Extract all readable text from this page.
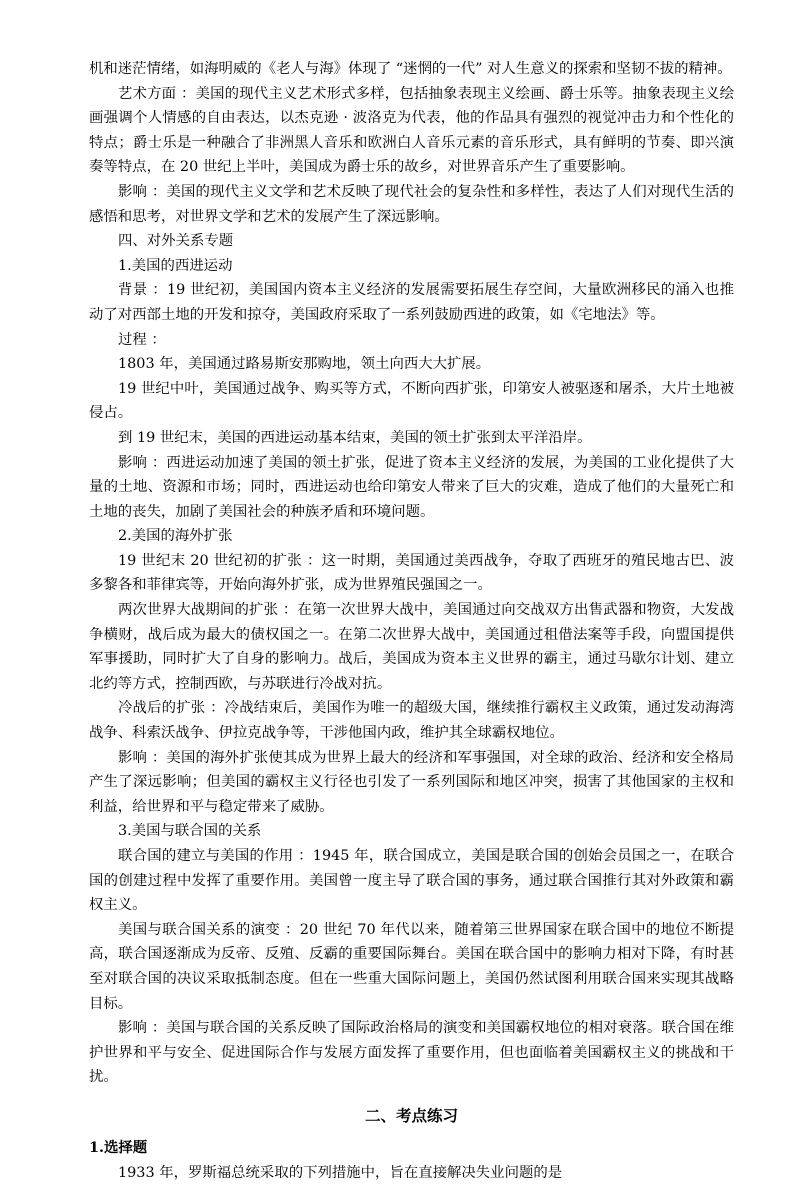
机和迷茫情绪，如海明威的《老人与海》体现了 “迷惘的一代” 对人生意义的探索和坚韧不拔的精神。

艺术方面 ：美国的现代主义艺术形式多样，包括抽象表现主义绘画、爵士乐等。抽象表现主义绘画强调个人情感的自由表达，以杰克逊 · 波洛克为代表，他的作品具有强烈的视觉冲击力和个性化的特点；爵士乐是一种融合了非洲黑人音乐和欧洲白人音乐元素的音乐形式，具有鲜明的节奏、即兴演奏等特点，在 20 世纪上半叶，美国成为爵士乐的故乡，对世界音乐产生了重要影响。

影响 ：美国的现代主义文学和艺术反映了现代社会的复杂性和多样性，表达了人们对现代生活的感悟和思考，对世界文学和艺术的发展产生了深远影响。

四、对外关系专题

1.美国的西进运动

背景 ：19 世纪初，美国国内资本主义经济的发展需要拓展生存空间，大量欧洲移民的涌入也推动了对西部土地的开发和掠夺，美国政府采取了一系列鼓励西进的政策，如《宅地法》等。

过程 ：

1803 年，美国通过路易斯安那购地，领土向西大大扩展。

19 世纪中叶，美国通过战争、购买等方式，不断向西扩张，印第安人被驱逐和屠杀，大片土地被侵占。

到 19 世纪末，美国的西进运动基本结束，美国的领土扩张到太平洋沿岸。

影响 ：西进运动加速了美国的领土扩张，促进了资本主义经济的发展，为美国的工业化提供了大量的土地、资源和市场；同时，西进运动也给印第安人带来了巨大的灾难，造成了他们的大量死亡和土地的丧失，加剧了美国社会的种族矛盾和环境问题。

2.美国的海外扩张

19 世纪末 20 世纪初的扩张 ：这一时期，美国通过美西战争，夺取了西班牙的殖民地古巴、波多黎各和菲律宾等，开始向海外扩张，成为世界殖民强国之一。

两次世界大战期间的扩张 ：在第一次世界大战中，美国通过向交战双方出售武器和物资，大发战争横财，战后成为最大的债权国之一。在第二次世界大战中，美国通过租借法案等手段，向盟国提供军事援助，同时扩大了自身的影响力。战后，美国成为资本主义世界的霸主，通过马歇尔计划、建立北约等方式，控制西欧，与苏联进行冷战对抗。

冷战后的扩张 ：冷战结束后，美国作为唯一的超级大国，继续推行霸权主义政策，通过发动海湾战争、科索沃战争、伊拉克战争等，干涉他国内政，维护其全球霸权地位。

影响 ：美国的海外扩张使其成为世界上最大的经济和军事强国，对全球的政治、经济和安全格局产生了深远影响；但美国的霸权主义行径也引发了一系列国际和地区冲突，损害了其他国家的主权和利益，给世界和平与稳定带来了威胁。

3.美国与联合国的关系

联合国的建立与美国的作用 ：1945 年，联合国成立，美国是联合国的创始会员国之一，在联合国的创建过程中发挥了重要作用。美国曾一度主导了联合国的事务，通过联合国推行其对外政策和霸权主义。

美国与联合国关系的演变 ：20 世纪 70 年代以来，随着第三世界国家在联合国中的地位不断提高，联合国逐渐成为反帝、反殖、反霸的重要国际舞台。美国在联合国中的影响力相对下降，有时甚至对联合国的决议采取抵制态度。但在一些重大国际问题上，美国仍然试图利用联合国来实现其战略目标。

影响 ：美国与联合国的关系反映了国际政治格局的演变和美国霸权地位的相对衰落。联合国在维护世界和平与安全、促进国际合作与发展方面发挥了重要作用，但也面临着美国霸权主义的挑战和干扰。

二、考点练习

1.选择题

1933 年，罗斯福总统采取的下列措施中，旨在直接解决失业问题的是
